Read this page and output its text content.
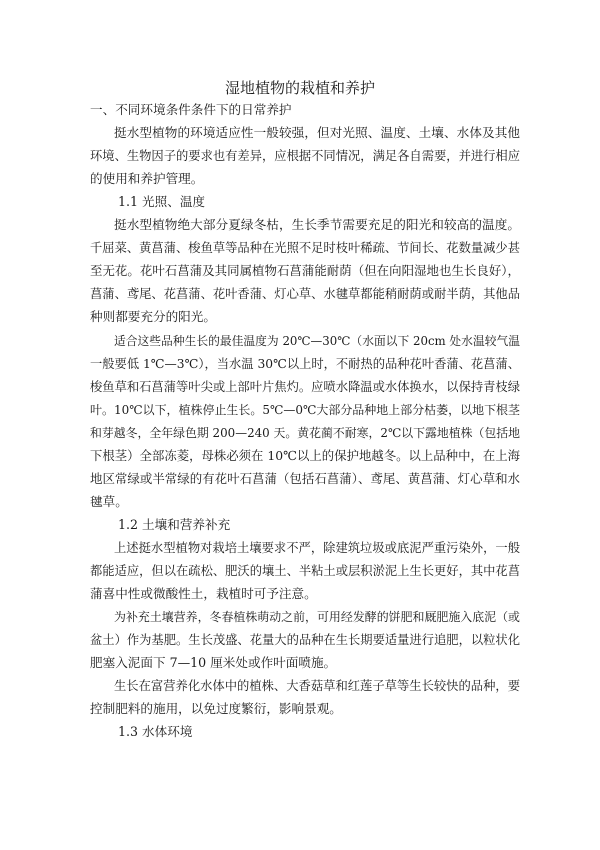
湿地植物的栽植和养护
一、不同环境条件条件下的日常养护
挺水型植物的环境适应性一般较强，但对光照、温度、土壤、水体及其他
环境、生物因子的要求也有差异，应根据不同情况，满足各自需要，并进行相应
的使用和养护管理。
1.1 光照、温度
挺水型植物绝大部分夏绿冬枯，生长季节需要充足的阳光和较高的温度。
千屈菜、黄菖蒲、梭鱼草等品种在光照不足时枝叶稀疏、节间长、花数量减少甚
至无花。花叶石菖蒲及其同属植物石菖蒲能耐荫（但在向阳湿地也生长良好），
菖蒲、鸢尾、花菖蒲、花叶香蒲、灯心草、水毽草都能稍耐荫或耐半荫，其他品
种则都要充分的阳光。
适合这些品种生长的最佳温度为 20℃—30℃（水面以下 20cm 处水温较气温
一般要低 1℃—3℃），当水温 30℃以上时，不耐热的品种花叶香蒲、花菖蒲、
梭鱼草和石菖蒲等叶尖或上部叶片焦灼。应喷水降温或水体换水，以保持青枝绿
叶。10℃以下，植株停止生长。5℃—0℃大部分品种地上部分枯萎，以地下根茎
和芽越冬，全年绿色期 200—240 天。黄花蔺不耐寒，2℃以下露地植株（包括地
下根茎）全部冻菱，母株必须在 10℃以上的保护地越冬。以上品种中，在上海
地区常绿或半常绿的有花叶石菖蒲（包括石菖蒲）、鸢尾、黄菖蒲、灯心草和水
毽草。
1.2 土壤和营养补充
上述挺水型植物对栽培土壤要求不严，除建筑垃圾或底泥严重污染外，一般
都能适应，但以在疏松、肥沃的壤土、半粘土或层积淤泥上生长更好，其中花菖
蒲喜中性或微酸性土，栽植时可予注意。
为补充土壤营养，冬春植株萌动之前，可用经发酵的饼肥和厩肥施入底泥（或
盆土）作为基肥。生长茂盛、花量大的品种在生长期要适量进行追肥，以粒状化
肥塞入泥面下 7—10 厘米处或作叶面喷施。
生长在富营养化水体中的植株、大香菇草和红莲子草等生长较快的品种，要
控制肥料的施用，以免过度繁衍，影响景观。
1.3 水体环境
